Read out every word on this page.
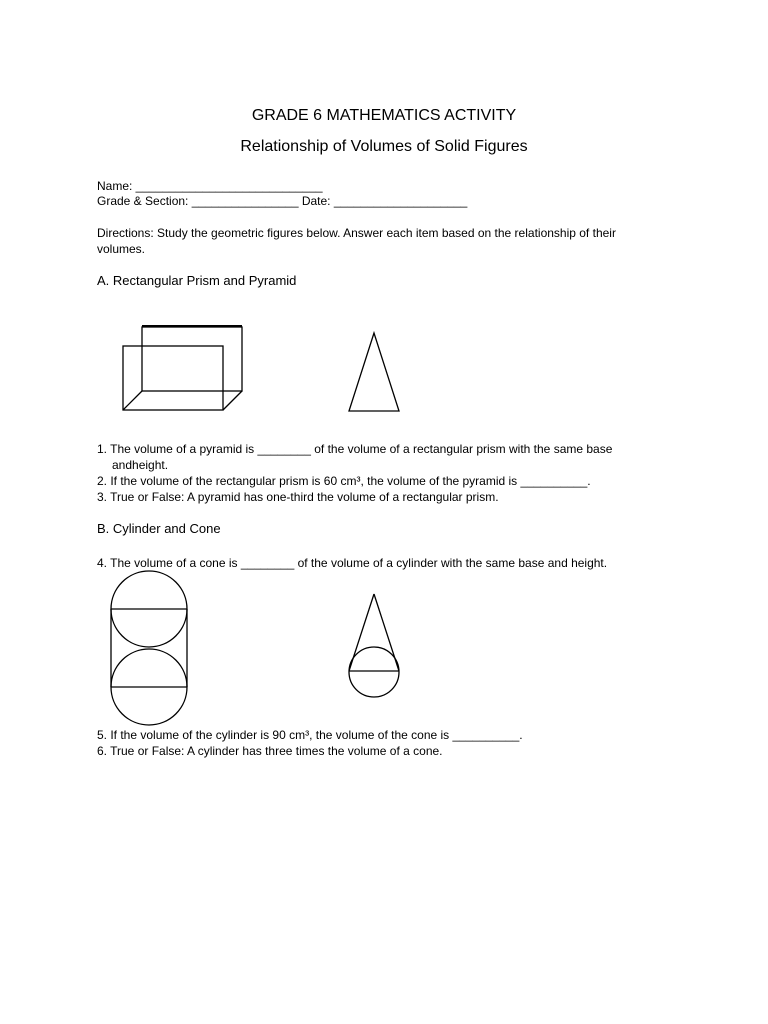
GRADE 6 MATHEMATICS ACTIVITY
Relationship of Volumes of Solid Figures
Name: ____________________________
Grade & Section: ________________ Date: ____________________
Directions: Study the geometric figures below. Answer each item based on the relationship of their
volumes.
A. Rectangular Prism and Pyramid
1. The volume of a pyramid is ________ of the volume of a rectangular prism with the same base
andheight.
2. If the volume of the rectangular prism is 60 cm³, the volume of the pyramid is __________.
3. True or False: A pyramid has one-third the volume of a rectangular prism.
B. Cylinder and Cone
4. The volume of a cone is ________ of the volume of a cylinder with the same base and height.
5. If the volume of the cylinder is 90 cm³, the volume of the cone is __________.
6. True or False: A cylinder has three times the volume of a cone.
